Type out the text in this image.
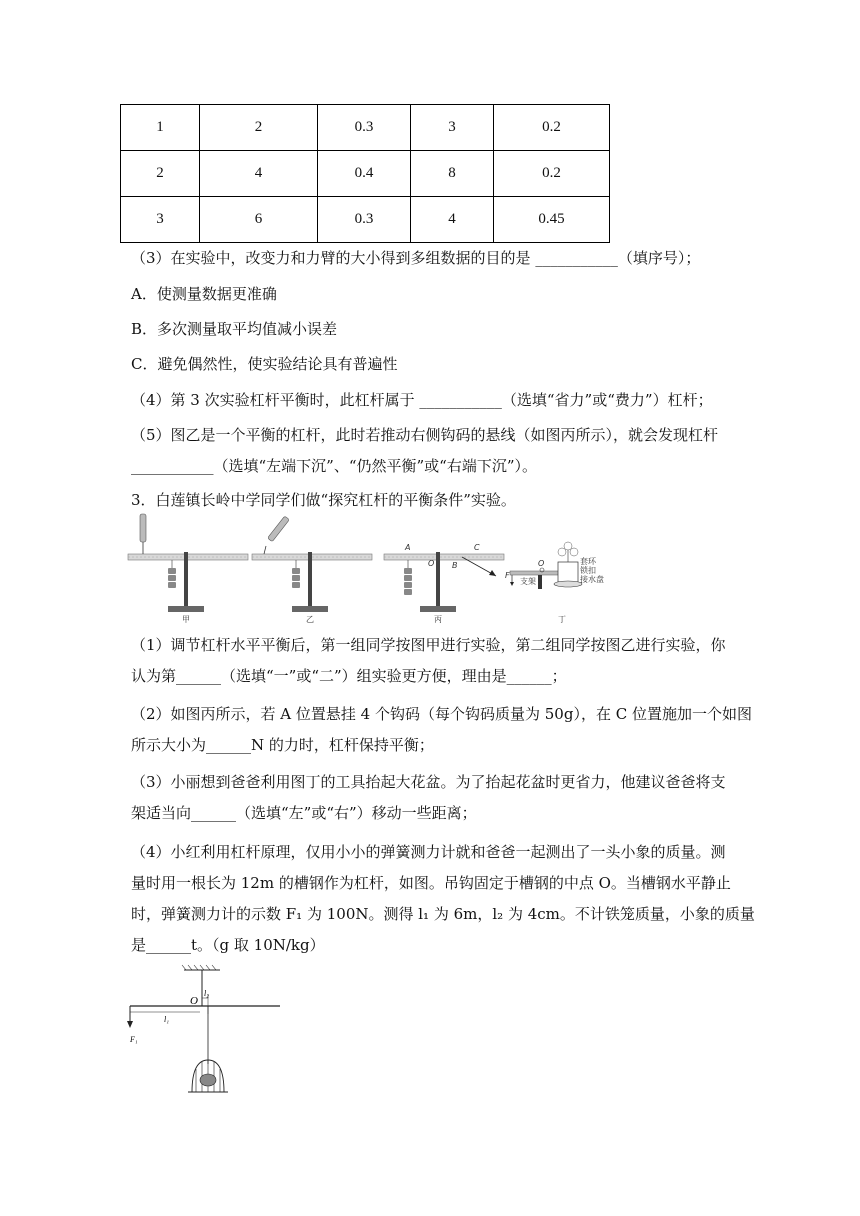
1	2	0.3	3	0.2
2	4	0.4	8	0.2
3	6	0.3	4	0.45
（3）在实验中，改变力和力臂的大小得到多组数据的目的是 ___________（填序号）；
A．使测量数据更准确
B．多次测量取平均值减小误差
C．避免偶然性，使实验结论具有普遍性
（4）第 3 次实验杠杆平衡时，此杠杆属于 ___________（选填“省力”或“费力”）杠杆；
（5）图乙是一个平衡的杠杆，此时若推动右侧钩码的悬线（如图丙所示），就会发现杠杆
___________（选填“左端下沉”、“仍然平衡”或“右端下沉”）。
3．白莲镇长岭中学同学们做“探究杠杆的平衡条件”实验。
甲	乙
A
O B
C
丙
F
O
支架
套环
锁扣
接水盘
丁
（1）调节杠杆水平平衡后，第一组同学按图甲进行实验，第二组同学按图乙进行实验，你
认为第______（选填“一”或“二”）组实验更方便，理由是______；
（2）如图丙所示，若 A 位置悬挂 4 个钩码（每个钩码质量为 50g），在 C 位置施加一个如图
所示大小为______N 的力时，杠杆保持平衡；
（3）小丽想到爸爸利用图丁的工具抬起大花盆。为了抬起花盆时更省力，他建议爸爸将支
架适当向______（选填“左”或“右”）移动一些距离；
（4）小红利用杠杆原理，仅用小小的弹簧测力计就和爸爸一起测出了一头小象的质量。测
量时用一根长为 12m 的槽钢作为杠杆，如图。吊钩固定于槽钢的中点 O。当槽钢水平静止
时，弹簧测力计的示数 F₁ 为 100N。测得 l₁ 为 6m，l₂ 为 4cm。不计铁笼质量，小象的质量
是______t。（g 取 10N/kg）
O
l₂
l₁
F₁
